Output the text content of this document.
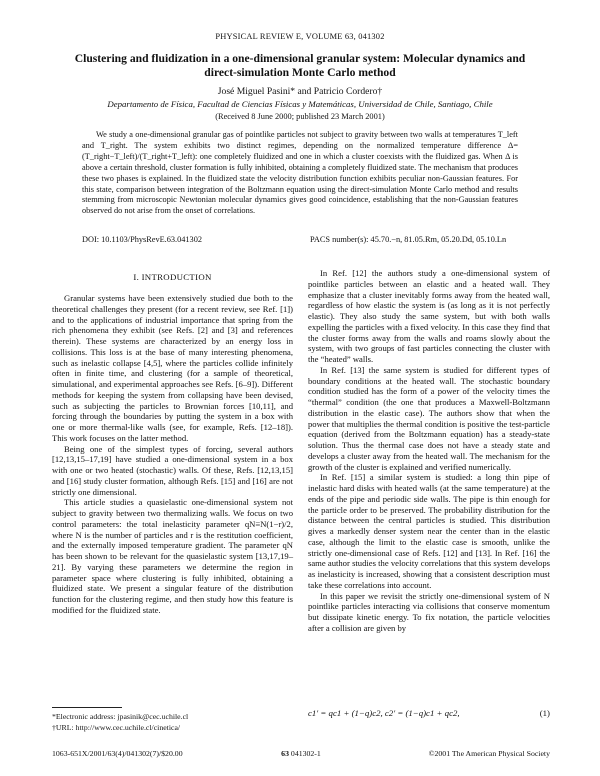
PHYSICAL REVIEW E, VOLUME 63, 041302
Clustering and fluidization in a one-dimensional granular system: Molecular dynamics and direct-simulation Monte Carlo method
José Miguel Pasini* and Patricio Cordero†
Departamento de Física, Facultad de Ciencias Físicas y Matemáticas, Universidad de Chile, Santiago, Chile
(Received 8 June 2000; published 23 March 2001)
We study a one-dimensional granular gas of pointlike particles not subject to gravity between two walls at temperatures T_left and T_right. The system exhibits two distinct regimes, depending on the normalized temperature difference Δ=(T_right−T_left)/(T_right+T_left): one completely fluidized and one in which a cluster coexists with the fluidized gas. When Δ is above a certain threshold, cluster formation is fully inhibited, obtaining a completely fluidized state. The mechanism that produces these two phases is explained. In the fluidized state the velocity distribution function exhibits peculiar non-Gaussian features. For this state, comparison between integration of the Boltzmann equation using the direct-simulation Monte Carlo method and results stemming from microscopic Newtonian molecular dynamics gives good coincidence, establishing that the non-Gaussian features observed do not arise from the onset of correlations.
DOI: 10.1103/PhysRevE.63.041302	PACS number(s): 45.70.−n, 81.05.Rm, 05.20.Dd, 05.10.Ln
I. INTRODUCTION

Granular systems have been extensively studied due both to the theoretical challenges they present (for a recent review, see Ref. [1]) and to the applications of industrial importance that spring from the rich phenomena they exhibit (see Refs. [2] and [3] and references therein). These systems are characterized by an energy loss in collisions. This loss is at the base of many interesting phenomena, such as inelastic collapse [4,5], where the particles collide infinitely often in finite time, and clustering (for a sample of theoretical, simulational, and experimental approaches see Refs. [6–9]). Different methods for keeping the system from collapsing have been devised, such as subjecting the particles to Brownian forces [10,11], and forcing through the boundaries by putting the system in a box with one or more thermal-like walls (see, for example, Refs. [12–18]). This work focuses on the latter method.

Being one of the simplest types of forcing, several authors [12,13,15–17,19] have studied a one-dimensional system in a box with one or two heated (stochastic) walls. Of these, Refs. [12,13,15] and [16] study cluster formation, although Refs. [15] and [16] are not strictly one dimensional.

This article studies a quasielastic one-dimensional system not subject to gravity between two thermalizing walls. We focus on two control parameters: the total inelasticity parameter qN≡N(1−r)/2, where N is the number of particles and r is the restitution coefficient, and the externally imposed temperature gradient. The parameter qN has been shown to be relevant for the quasielastic system [13,17,19–21]. By varying these parameters we determine the region in parameter space where clustering is fully inhibited, obtaining a fluidized state. We present a singular feature of the distribution function for the clustering regime, and then study how this feature is modified for the fluidized state.

In Ref. [12] the authors study a one-dimensional system of pointlike particles between an elastic and a heated wall. They emphasize that a cluster inevitably forms away from the heated wall, regardless of how elastic the system is (as long as it is not perfectly elastic). They also study the same system, but with both walls expelling the particles with a fixed velocity. In this case they find that the cluster forms away from the walls and roams slowly about the system, with two groups of fast particles connecting the cluster with the “heated” walls.

In Ref. [13] the same system is studied for different types of boundary conditions at the heated wall. The stochastic boundary condition studied has the form of a power of the velocity times the “thermal” condition (the one that produces a Maxwell-Boltzmann distribution in the elastic case). The authors show that when the power that multiplies the thermal condition is positive the test-particle equation (derived from the Boltzmann equation) has a steady-state solution. Thus the thermal case does not have a steady state and develops a cluster away from the heated wall. The mechanism for the growth of the cluster is explained and verified numerically.

In Ref. [15] a similar system is studied: a long thin pipe of inelastic hard disks with heated walls (at the same temperature) at the ends of the pipe and periodic side walls. The pipe is thin enough for the particle order to be preserved. The probability distribution for the distance between the central particles is studied. This distribution gives a markedly denser system near the center than in the elastic case, although the limit to the elastic case is smooth, unlike the strictly one-dimensional case of Refs. [12] and [13]. In Ref. [16] the same author studies the velocity correlations that this system develops as inelasticity is increased, showing that a consistent description must take these correlations into account.

In this paper we revisit the strictly one-dimensional system of N pointlike particles interacting via collisions that conserve momentum but dissipate kinetic energy. To fix notation, the particle velocities after a collision are given by

*Electronic address: jpasinik@cec.uchile.cl
†URL: http://www.cec.uchile.cl/cinetica/
c1′ = qc1 + (1−q)c2, c2′ = (1−q)c1 + qc2,	(1)
1063-651X/2001/63(4)/041302(7)/$20.00	63 041302-1	©2001 The American Physical Society
